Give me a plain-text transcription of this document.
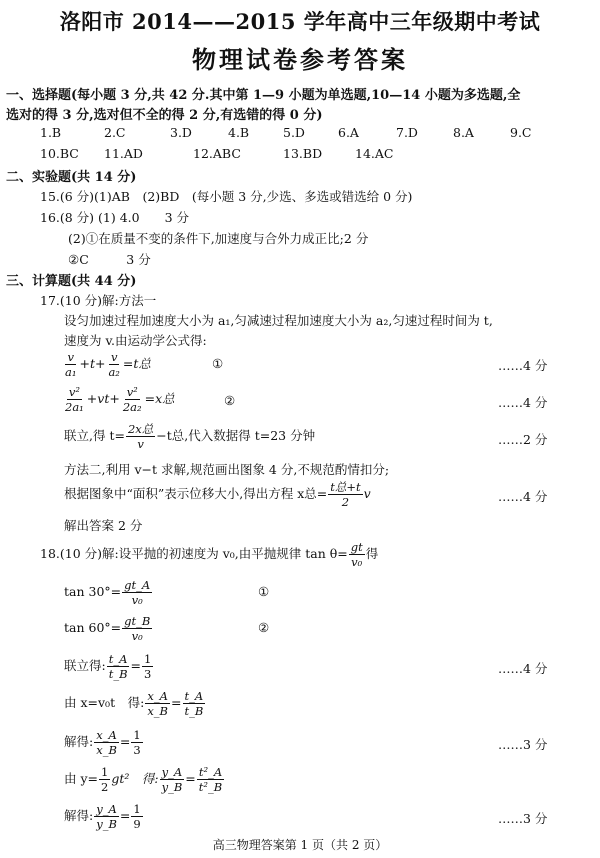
洛阳市 2014——2015 学年高中三年级期中考试
物理试卷参考答案
一、选择题(每小题 3 分,共 42 分.其中第 1—9 小题为单选题,10—14 小题为多选题,全
选对的得 3 分,选对但不全的得 2 分,有选错的得 0 分)
1.B	2.C	3.D	4.B	5.D	6.A	7.D	8.A	9.C
10.BC 11.AD	12.ABC	13.BD	14.AC
二、实验题(共 14 分)
15.(6 分)(1)AB　(2)BD　(每小题 3 分,少选、多选或错选给 0 分)
16.(8 分) (1) 4.0　　3 分
(2)①在质量不变的条件下,加速度与合外力成正比;2 分
②C　　　3 分
三、计算题(共 44 分)
17.(10 分)解:方法一
设匀加速过程加速度大小为 a₁,匀减速过程加速度大小为 a₂,匀速过程时间为 t,
速度为 v.由运动学公式得:
$\frac{v}{\text{a₁}} +t+ \frac{v}{\text{a₂}} =t$总	①	……4 分
$\frac{\text{v²}}{\text{2a₁}} +vt+ \frac{\text{v²}}{\text{2a₂}} =x$总	②	……4 分
联立,得 $t= \frac{\text{2x总}}{v} -t$总,代入数据得 t=23 分钟	……2 分
方法二,利用 v−t 求解,规范画出图象 4 分,不规范酌情扣分;
根据图象中“面积”表示位移大小,得出方程 x总= $\frac{\text{t总+t}}{2}$ v	……4 分
解出答案 2 分
18.(10 分)解:设平抛的初速度为 v₀,由平抛规律 $\tan \theta= \frac{gt}{\text{v₀}}$ 得
$\tan 30^\circ= \frac{gt\_A}{\text{v₀}}$	①
$\tan 60^\circ= \frac{gt\_B}{\text{v₀}}$	②
联立得: $\frac{t\_A}{t\_B} = \frac{1}{3}$	……4 分
由 x=v₀t　得: $\frac{x\_A}{x\_B} = \frac{t\_A}{t\_B}$
解得: $\frac{x\_A}{x\_B} = \frac{1}{3}$	……3 分
由 $y= \frac{1}{2} gt^2$　得: $\frac{y\_A}{y\_B} = \frac{\text{t²\_A}}{\text{t²\_B}}$
解得: $\frac{y\_A}{y\_B} = \frac{1}{9}$	……3 分
高三物理答案第 1 页（共 2 页）
